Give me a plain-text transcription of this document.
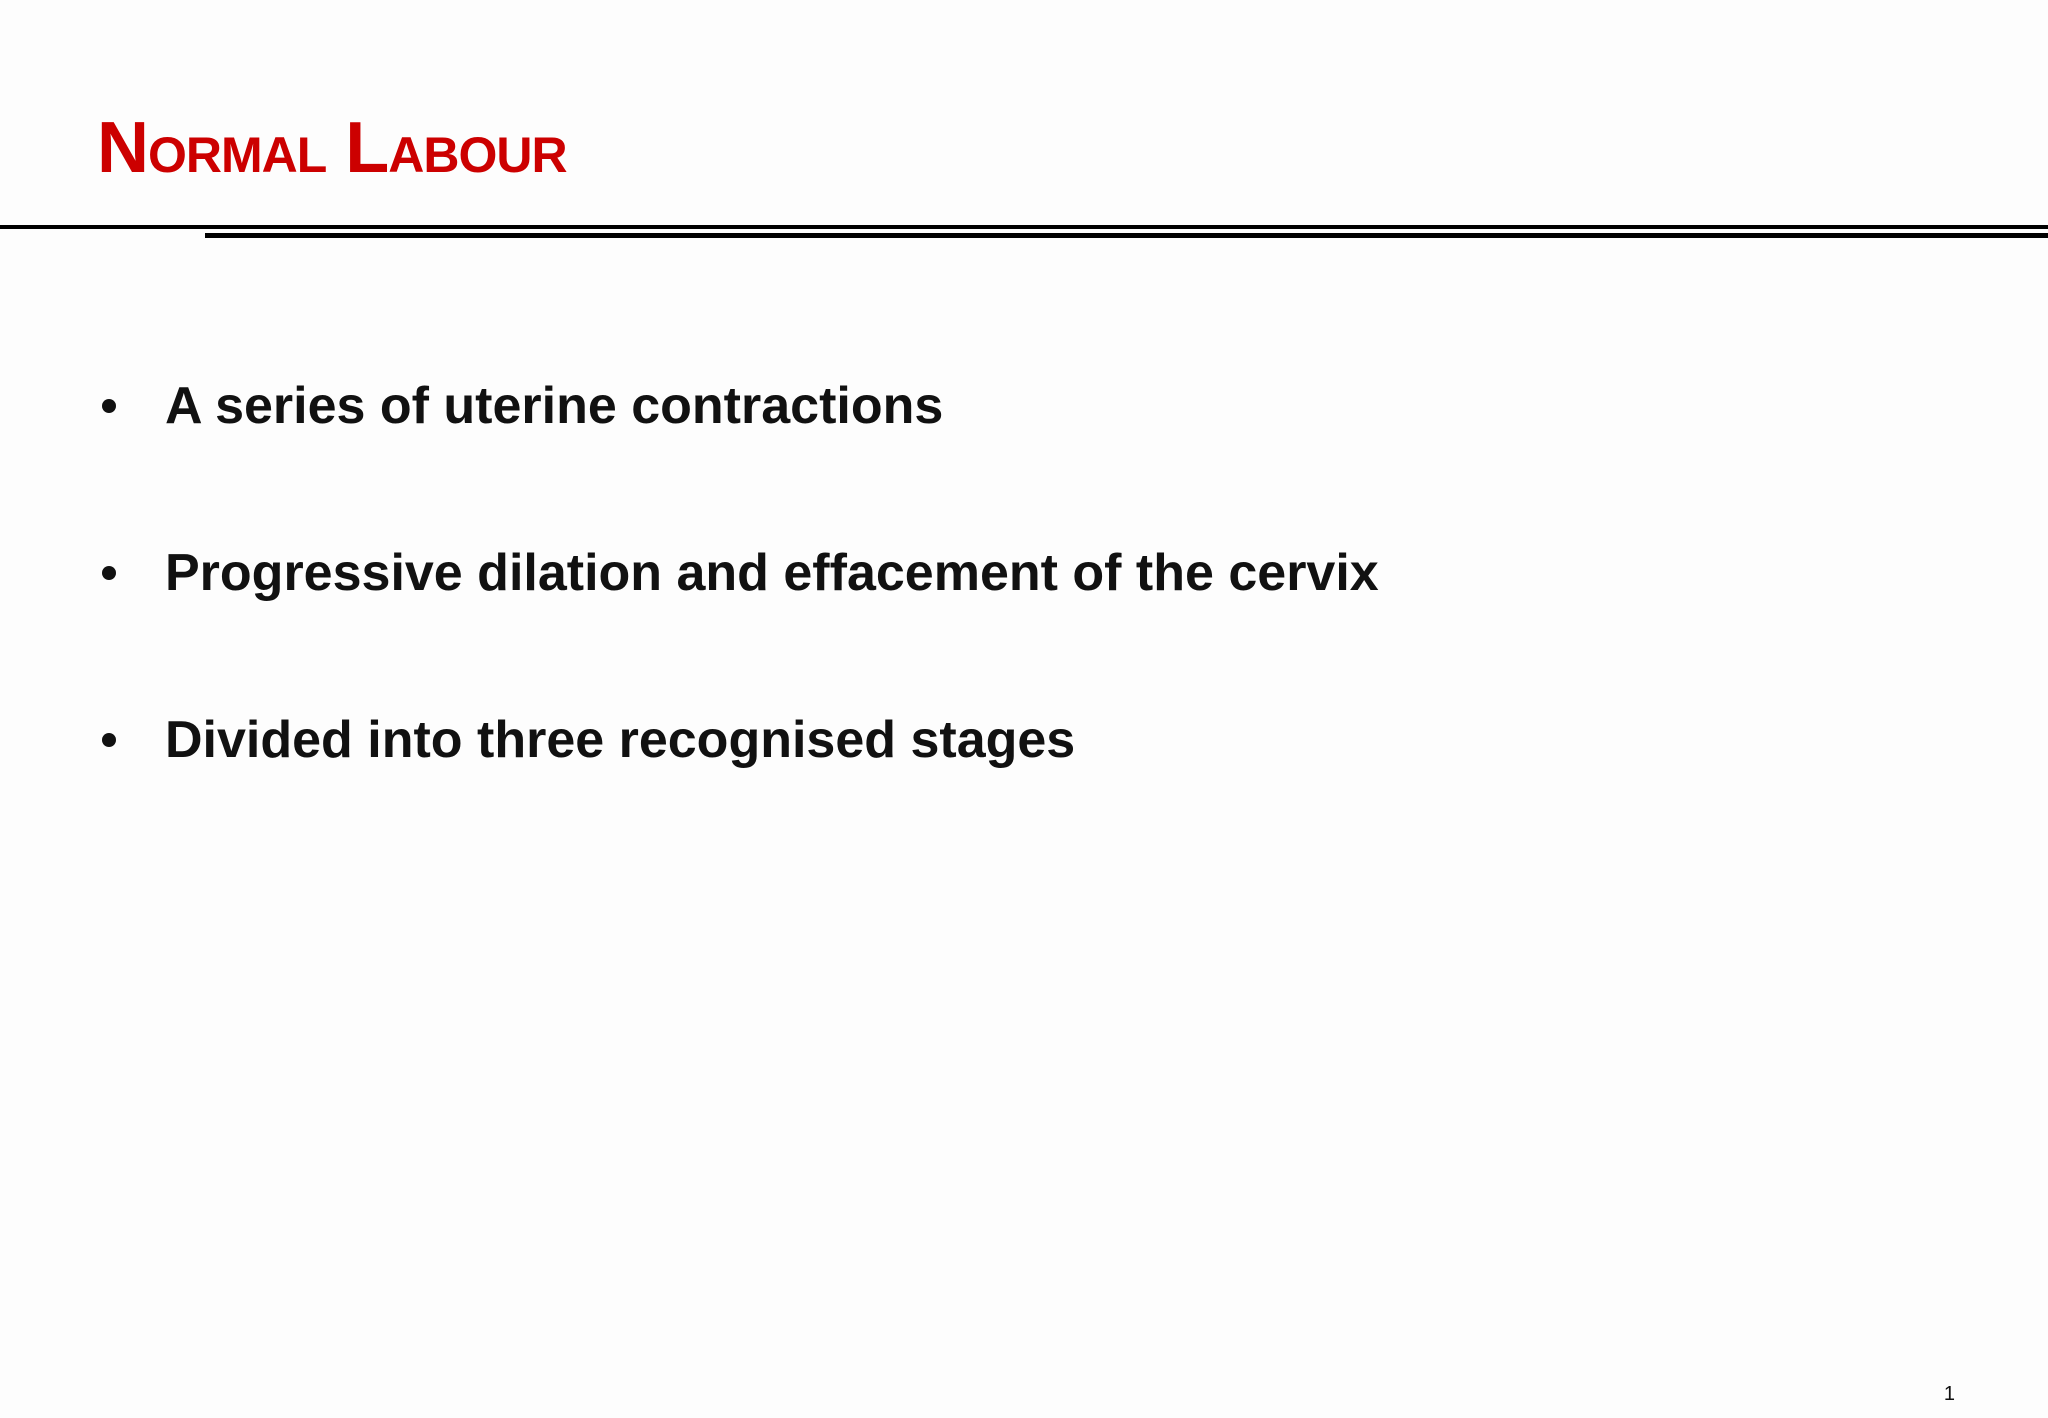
Normal Labour
A series of uterine contractions
Progressive dilation and effacement of the cervix
Divided into three recognised stages
1
